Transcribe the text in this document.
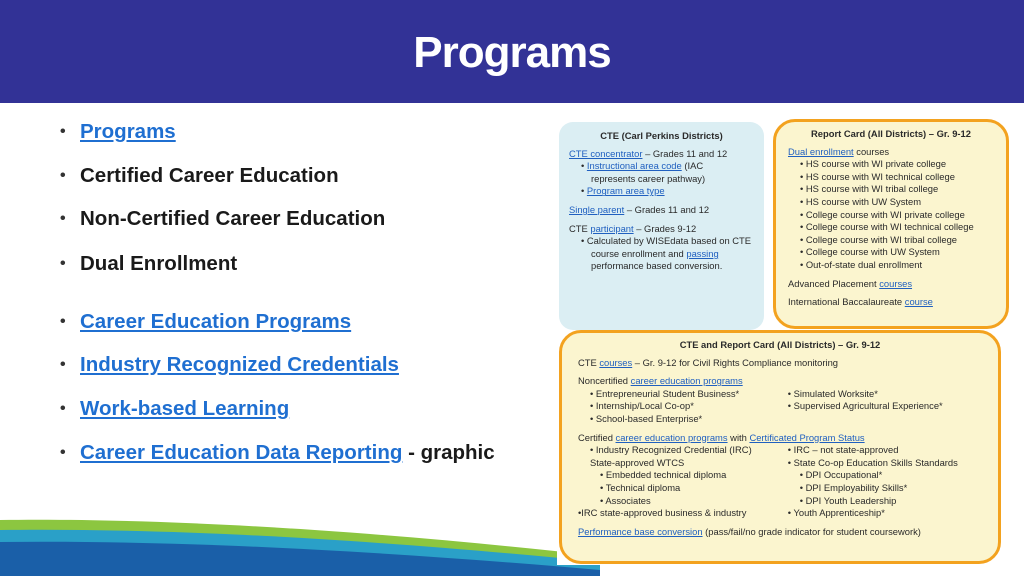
Programs
• Programs
• Certified Career Education
• Non-Certified Career Education
• Dual Enrollment
• Career Education Programs
• Industry Recognized Credentials
• Work-based Learning
• Career Education Data Reporting - graphic
CTE (Carl Perkins Districts)
CTE concentrator – Grades 11 and 12
• Instructional area code (IAC
represents career pathway)
• Program area type
Single parent – Grades 11 and 12
CTE participant – Grades 9-12
• Calculated by WISEdata based on CTE
course enrollment and passing
performance based conversion.
Report Card (All Districts) – Gr. 9-12
Dual enrollment courses
• HS course with WI private college
• HS course with WI technical college
• HS course with WI tribal college
• HS course with UW System
• College course with WI private college
• College course with WI technical college
• College course with WI tribal college
• College course with UW System
• Out-of-state dual enrollment
Advanced Placement courses
International Baccalaureate course
CTE and Report Card (All Districts) – Gr. 9-12
CTE courses – Gr. 9-12 for Civil Rights Compliance monitoring
Noncertified career education programs
• Entrepreneurial Student Business*
• Internship/Local Co-op*
• School-based Enterprise*
• Simulated Worksite*
• Supervised Agricultural Experience*
Certified career education programs with Certificated Program Status
• Industry Recognized Credential (IRC)
State-approved WTCS
• Embedded technical diploma
• Technical diploma
• Associates
•IRC state-approved business & industry
• IRC – not state-approved
• State Co-op Education Skills Standards
• DPI Occupational*
• DPI Employability Skills*
• DPI Youth Leadership
• Youth Apprenticeship*
Performance base conversion (pass/fail/no grade indicator for student coursework)
